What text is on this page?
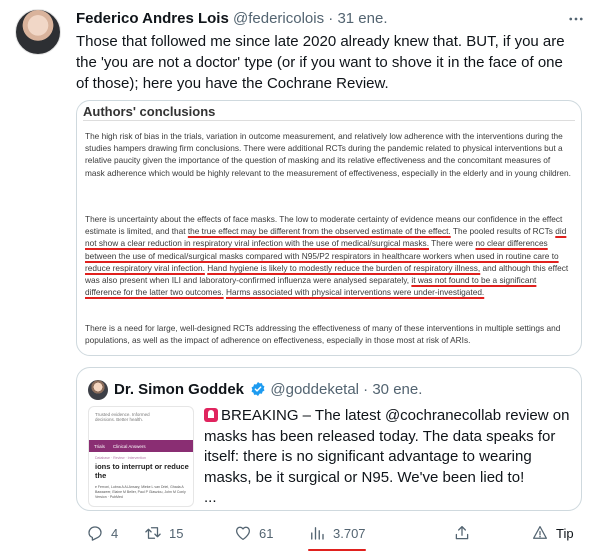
Federico Andres Lois @federicolois · 31 ene.

Those that followed me since late 2020 already knew that. BUT, if you are the 'you are not a doctor' type (or if you want to shove it in the face of one of those); here you have the Cochrane Review.

Authors' conclusions
The high risk of bias in the trials, variation in outcome measurement, and relatively low adherence with the interventions during the studies hampers drawing firm conclusions. There were additional RCTs during the pandemic related to physical interventions but a relative paucity given the importance of the question of masking and its relative effectiveness and the concomitant measures of mask adherence which would be highly relevant to the measurement of effectiveness, especially in the elderly and in young children.
There is uncertainty about the effects of face masks. The low to moderate certainty of evidence means our confidence in the effect estimate is limited, and that the true effect may be different from the observed estimate of the effect. The pooled results of RCTs did not show a clear reduction in respiratory viral infection with the use of medical/surgical masks. There were no clear differences between the use of medical/surgical masks compared with N95/P2 respirators in healthcare workers when used in routine care to reduce respiratory viral infection. Hand hygiene is likely to modestly reduce the burden of respiratory illness, and although this effect was also present when ILI and laboratory-confirmed influenza were analysed separately, it was not found to be a significant difference for the latter two outcomes. Harms associated with physical interventions were under-investigated.
There is a need for large, well-designed RCTs addressing the effectiveness of many of these interventions in multiple settings and populations, as well as the impact of adherence on effectiveness, especially in those most at risk of ARIs.
Dr. Simon Goddek @goddeketal · 30 ene.
Trusted evidence. Informed decisions. Better health.
Trials Clinical Answers
Database · Review · Intervention
ions to interrupt or reduce the
e Ferroni, Lubna A Al-Ansary, Mieke L van Driel, Ghada A Bawazeer, Elaine M Beller, Paul P Glasziou, John M Conly
Version · PubMed
BREAKING – The latest @cochranecollab review on masks has been released today. The data speaks for itself: there is no significant advantage to wearing masks, be it surgical or N95. We've been lied to!
...
4	15	61	3.707	Tip
